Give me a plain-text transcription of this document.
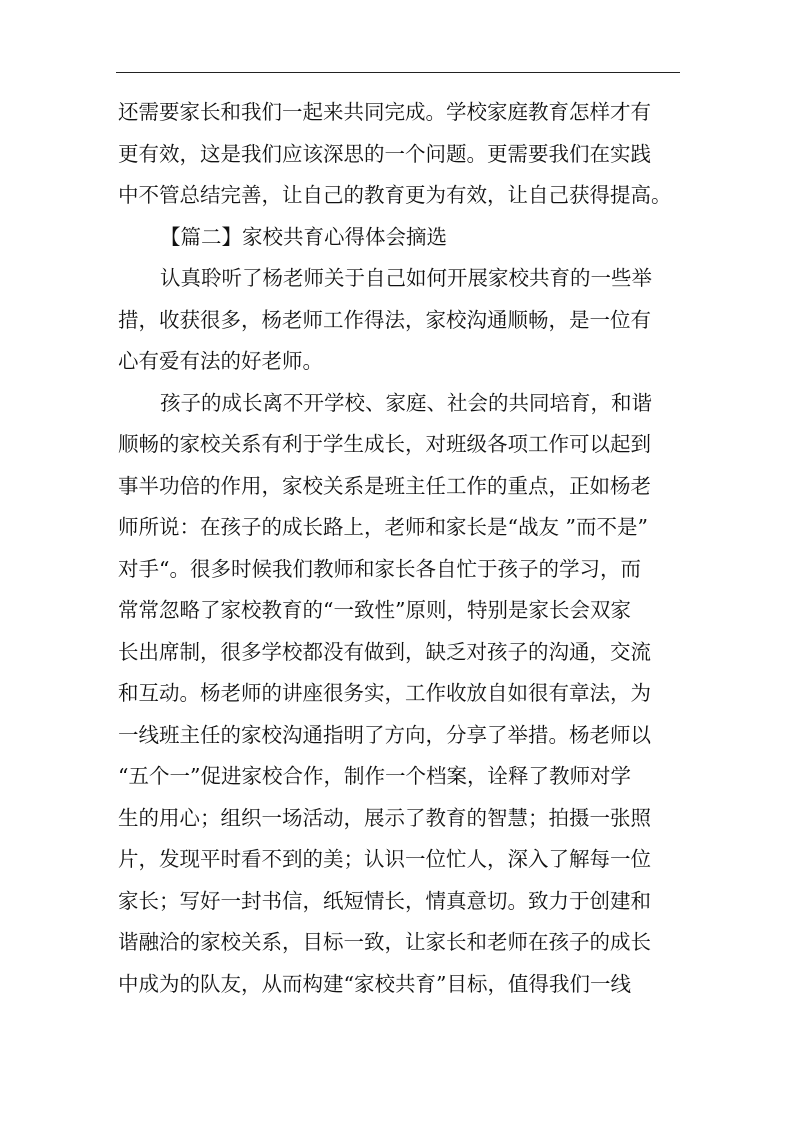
还需要家长和我们一起来共同完成。学校家庭教育怎样才有
更有效，这是我们应该深思的一个问题。更需要我们在实践
中不管总结完善，让自己的教育更为有效，让自己获得提高。
【篇二】家校共育心得体会摘选
认真聆听了杨老师关于自己如何开展家校共育的一些举
措，收获很多，杨老师工作得法，家校沟通顺畅，是一位有
心有爱有法的好老师。
孩子的成长离不开学校、家庭、社会的共同培育，和谐
顺畅的家校关系有利于学生成长，对班级各项工作可以起到
事半功倍的作用，家校关系是班主任工作的重点，正如杨老
师所说：在孩子的成长路上，老师和家长是“战友 ”而不是”
对手“。很多时候我们教师和家长各自忙于孩子的学习，而
常常忽略了家校教育的“一致性”原则，特别是家长会双家
长出席制，很多学校都没有做到，缺乏对孩子的沟通，交流
和互动。杨老师的讲座很务实，工作收放自如很有章法，为
一线班主任的家校沟通指明了方向，分享了举措。杨老师以
“五个一”促进家校合作，制作一个档案，诠释了教师对学
生的用心；组织一场活动，展示了教育的智慧；拍摄一张照
片，发现平时看不到的美；认识一位忙人，深入了解每一位
家长；写好一封书信，纸短情长，情真意切。致力于创建和
谐融洽的家校关系，目标一致，让家长和老师在孩子的成长
中成为的队友，从而构建“家校共育”目标，值得我们一线
